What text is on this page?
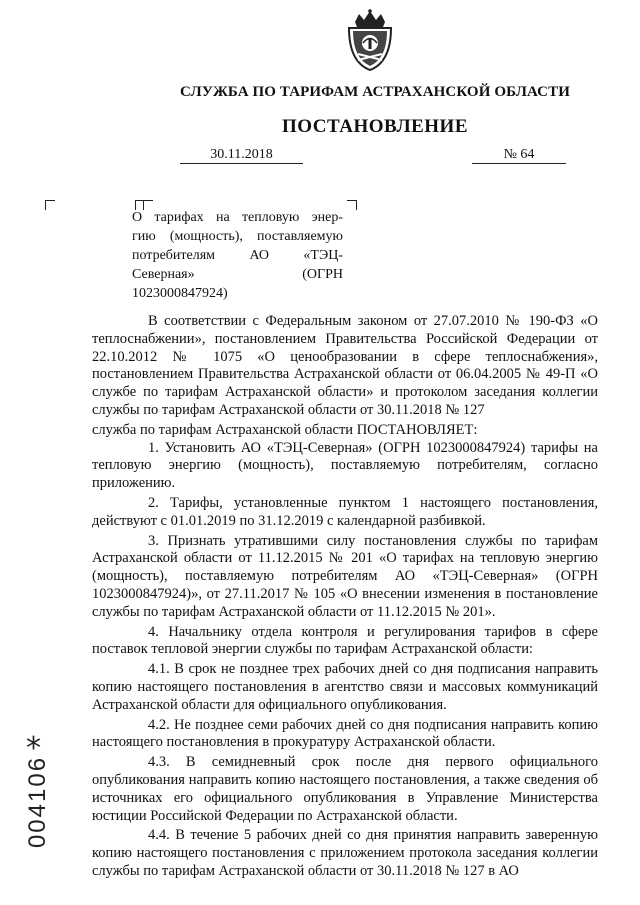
СЛУЖБА ПО ТАРИФАМ АСТРАХАНСКОЙ ОБЛАСТИ
ПОСТАНОВЛЕНИЕ
30.11.2018	№ 64

О тарифах на тепловую энер-

гию (мощность), поставляемую

потребителям АО «ТЭЦ-

Северная» (ОГРН

1023000847924)

В соответствии с Федеральным законом от 27.07.2010 № 190-ФЗ «О теплоснабжении», постановлением Правительства Российской Федерации от 22.10.2012 № 1075 «О ценообразовании в сфере теплоснабжения», постановлением Правительства Астраханской области от 06.04.2005 № 49-П «О службе по тарифам Астраханской области» и протоколом заседания коллегии службы по тарифам Астраханской области от 30.11.2018 № 127

служба по тарифам Астраханской области ПОСТАНОВЛЯЕТ:

1. Установить АО «ТЭЦ-Северная» (ОГРН 1023000847924) тарифы на тепловую энергию (мощность), поставляемую потребителям, согласно приложению.

2. Тарифы, установленные пунктом 1 настоящего постановления, действуют с 01.01.2019 по 31.12.2019 с календарной разбивкой.

3. Признать утратившими силу постановления службы по тарифам Астраханской области от 11.12.2015 № 201 «О тарифах на тепловую энергию (мощность), поставляемую потребителям АО «ТЭЦ-Северная» (ОГРН 1023000847924)», от 27.11.2017 № 105 «О внесении изменения в постановление службы по тарифам Астраханской области от 11.12.2015 № 201».

4. Начальнику отдела контроля и регулирования тарифов в сфере поставок тепловой энергии службы по тарифам Астраханской области:

4.1. В срок не позднее трех рабочих дней со дня подписания направить копию настоящего постановления в агентство связи и массовых коммуникаций Астраханской области для официального опубликования.

4.2. Не позднее семи рабочих дней со дня подписания направить копию настоящего постановления в прокуратуру Астраханской области.

4.3. В семидневный срок после дня первого официального опубликования направить копию настоящего постановления, а также сведения об источниках его официального опубликования в Управление Министерства юстиции Российской Федерации по Астраханской области.

4.4. В течение 5 рабочих дней со дня принятия направить заверенную копию настоящего постановления с приложением протокола заседания коллегии службы по тарифам Астраханской области от 30.11.2018 № 127 в АО

*
004106
